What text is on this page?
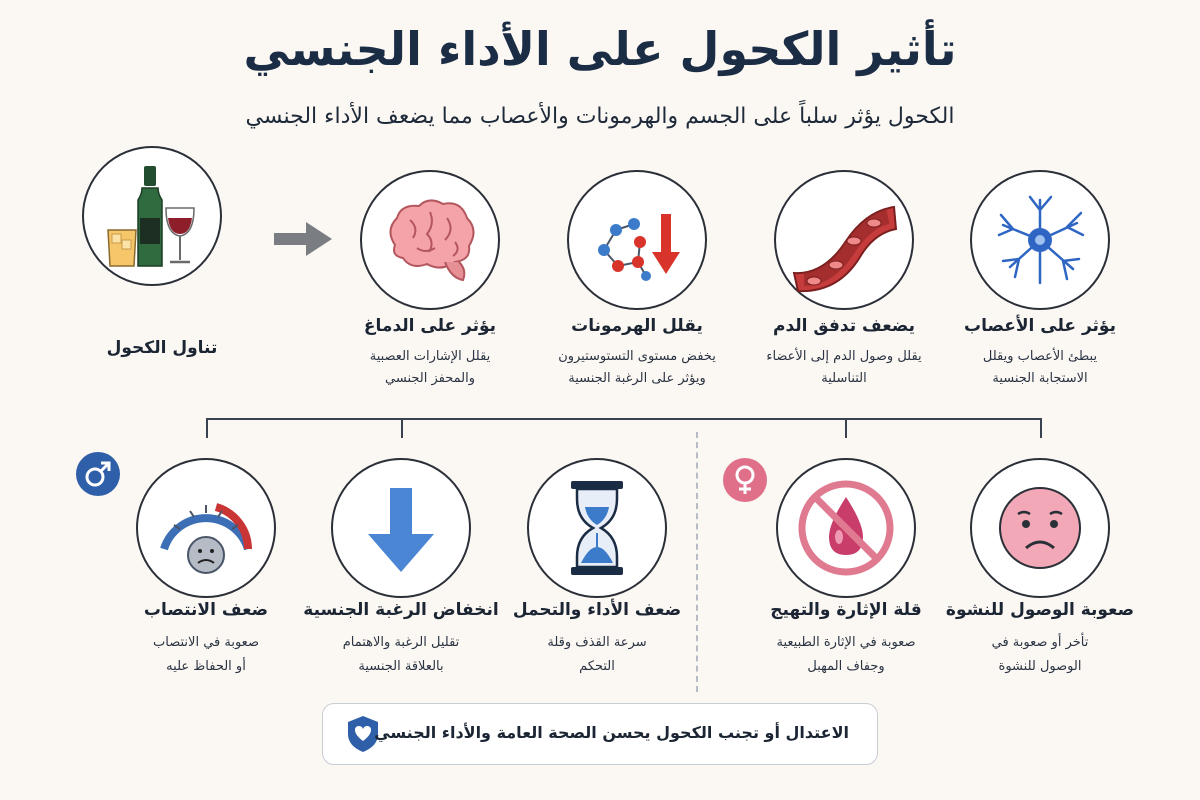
تأثير الكحول على الأداء الجنسي
الكحول يؤثر سلباً على الجسم والهرمونات والأعصاب مما يضعف الأداء الجنسي
تناول الكحول
يؤثر على الدماغ
يقلل الإشارات العصبية
والمحفز الجنسي
يقلل الهرمونات
يخفض مستوى التستوستيرون
ويؤثر على الرغبة الجنسية
يضعف تدفق الدم
يقلل وصول الدم إلى الأعضاء
التناسلية
يؤثر على الأعصاب
يبطئ الأعصاب ويقلل
الاستجابة الجنسية
ضعف الانتصاب
صعوبة في الانتصاب
أو الحفاظ عليه
انخفاض الرغبة الجنسية
تقليل الرغبة والاهتمام
بالعلاقة الجنسية
ضعف الأداء والتحمل
سرعة القذف وقلة
التحكم
قلة الإثارة والتهيج
صعوبة في الإثارة الطبيعية
وجفاف المهبل
صعوبة الوصول للنشوة
تأخر أو صعوبة في
الوصول للنشوة
الاعتدال أو تجنب الكحول يحسن الصحة العامة والأداء الجنسي
